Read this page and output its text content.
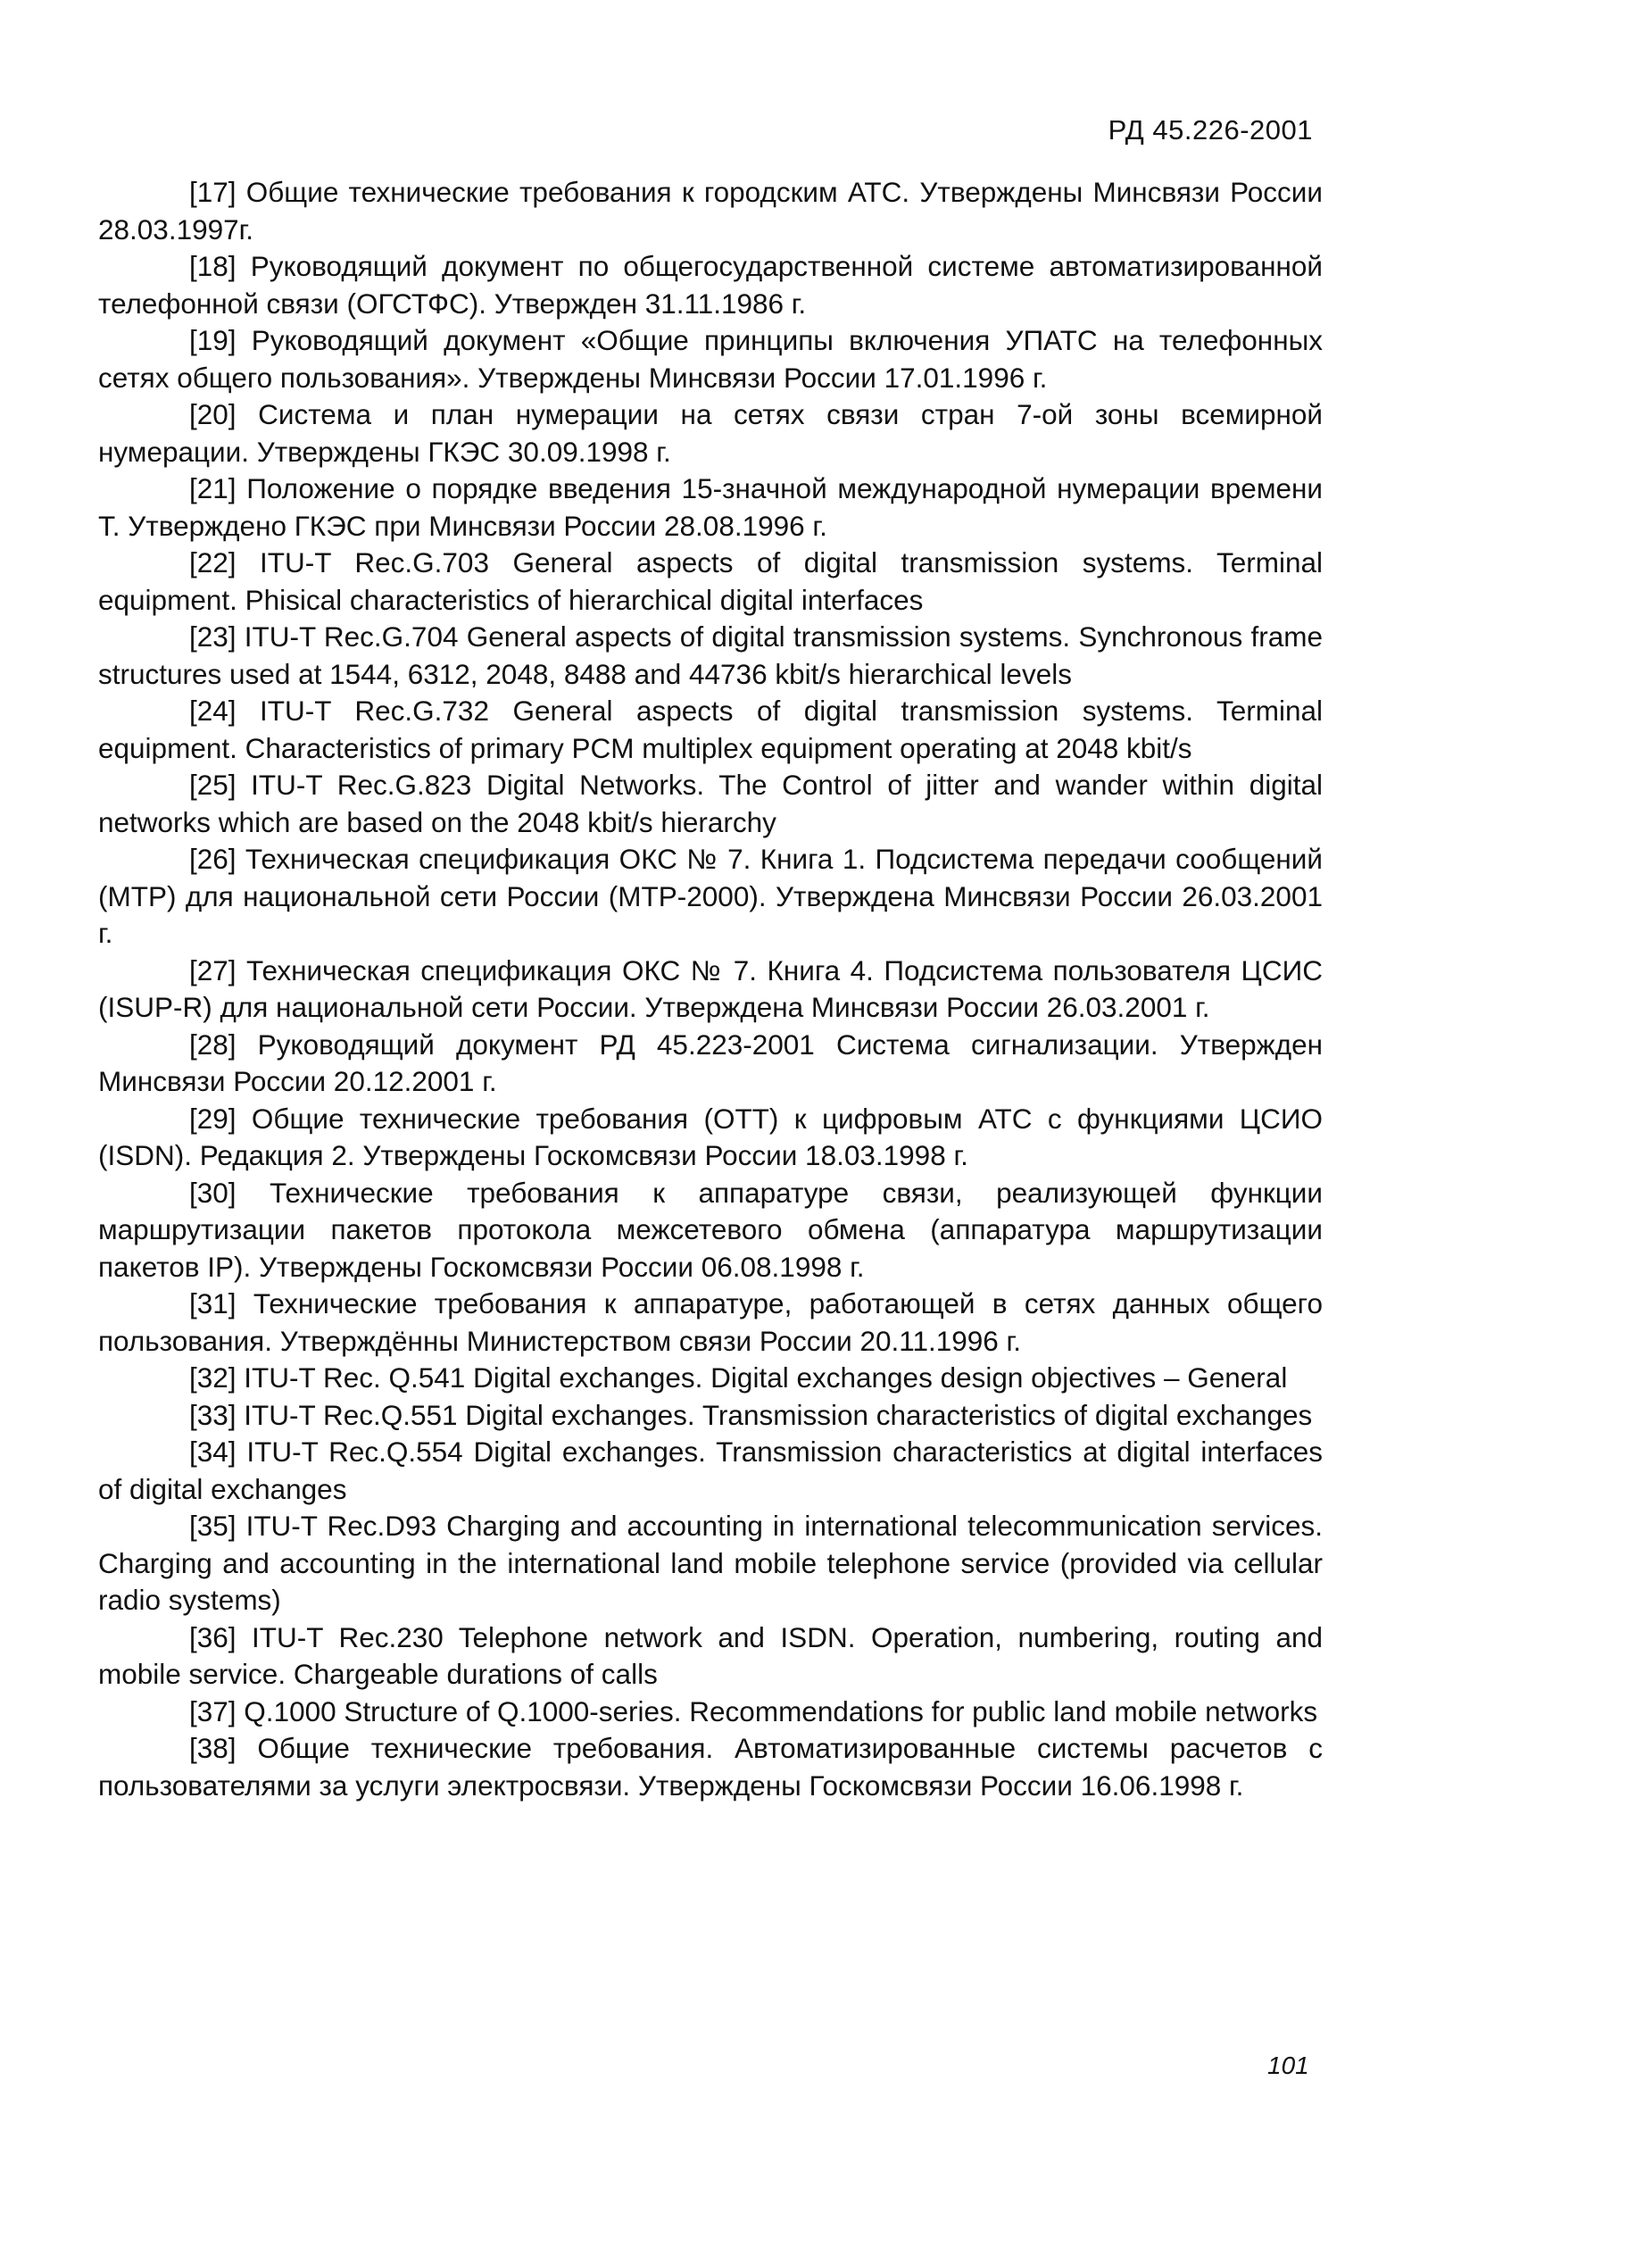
РД 45.226-2001

[17] Общие технические требования к городским АТС. Утверждены Минсвязи России 28.03.1997г.

[18] Руководящий документ по общегосударственной системе автоматизированной телефонной связи (ОГСТФС). Утвержден 31.11.1986 г.

[19] Руководящий документ «Общие принципы включения УПАТС на телефонных сетях общего пользования». Утверждены Минсвязи России 17.01.1996 г.

[20] Система и план нумерации на сетях связи стран 7-ой зоны всемирной нумерации. Утверждены ГКЭС 30.09.1998 г.

[21] Положение о порядке введения 15-значной международной нумерации времени Т. Утверждено ГКЭС при Минсвязи России 28.08.1996 г.

[22] ITU-T Rec.G.703 General aspects of digital transmission systems. Terminal equipment. Phisical characteristics of hierarchical digital interfaces

[23] ITU-T Rec.G.704 General aspects of digital transmission systems. Synchronous frame structures used at 1544, 6312, 2048, 8488 and 44736 kbit/s hierarchical levels

[24] ITU-T Rec.G.732 General aspects of digital transmission systems. Terminal equipment. Characteristics of primary PCM multiplex equipment operating at 2048 kbit/s

[25] ITU-T Rec.G.823 Digital Networks. The Control of jitter and wander within digital networks which are based on the 2048 kbit/s hierarchy

[26] Техническая спецификация ОКС № 7. Книга 1. Подсистема передачи сообщений (МТР) для национальной сети России (МТР-2000). Утверждена Минсвязи России 26.03.2001 г.

[27] Техническая спецификация ОКС № 7. Книга 4. Подсистема пользователя ЦСИС (ISUP-R) для национальной сети России. Утверждена Минсвязи России 26.03.2001 г.

[28] Руководящий документ РД 45.223-2001 Система сигнализации. Утвержден Минсвязи России 20.12.2001 г.

[29] Общие технические требования (ОТТ) к цифровым АТС с функциями ЦСИО (ISDN). Редакция 2. Утверждены Госкомсвязи России 18.03.1998 г.

[30] Технические требования к аппаратуре связи, реализующей функции маршрутизации пакетов протокола межсетевого обмена (аппаратура маршрутизации пакетов IP). Утверждены Госкомсвязи России 06.08.1998 г.

[31] Технические требования к аппаратуре, работающей в сетях данных общего пользования. Утверждённы Министерством связи России 20.11.1996 г.

[32] ITU-T Rec. Q.541 Digital exchanges. Digital exchanges design objectives – General

[33] ITU-T Rec.Q.551 Digital exchanges. Transmission characteristics of digital exchanges

[34] ITU-T Rec.Q.554 Digital exchanges. Transmission characteristics at digital interfaces of digital exchanges

[35] ITU-T Rec.D93 Charging and accounting in international telecommunication services. Charging and accounting in the international land mobile telephone service (provided via cellular radio systems)

[36] ITU-T Rec.230 Telephone network and ISDN. Operation, numbering, routing and mobile service. Chargeable durations of calls

[37] Q.1000 Structure of Q.1000-series. Recommendations for public land mobile networks

[38] Общие технические требования. Автоматизированные системы расчетов с пользователями за услуги электросвязи. Утверждены Госкомсвязи России 16.06.1998 г.

101
